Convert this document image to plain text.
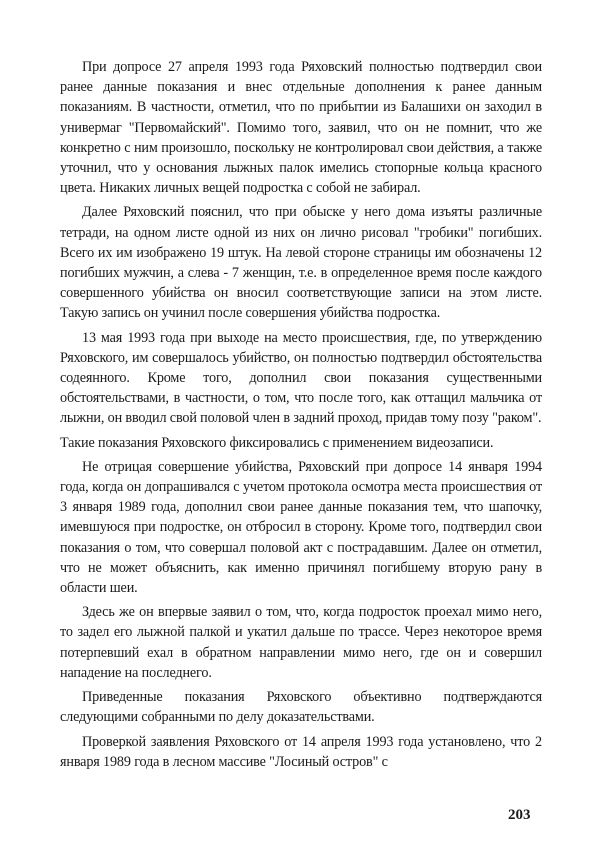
При допросе 27 апреля 1993 года Ряховский полностью подтвердил свои ранее данные показания и внес отдельные дополнения к ранее данным показаниям. В частности, отметил, что по прибытии из Балашихи он заходил в универмаг "Первомайский". Помимо того, заявил, что он не помнит, что же конкретно с ним произошло, поскольку не контролировал свои действия, а также уточнил, что у основания лыжных палок имелись стопорные кольца красного цвета. Никаких личных вещей подростка с собой не забирал.

Далее Ряховский пояснил, что при обыске у него дома изъяты различные тетради, на одном листе одной из них он лично рисовал "гробики" погибших. Всего их им изображено 19 штук. На левой стороне страницы им обозначены 12 погибших мужчин, а слева - 7 женщин, т.е. в определенное время после каждого совершенного убийства он вносил соответствующие записи на этом листе. Такую запись он учинил после совершения убийства подростка.

13 мая 1993 года при выходе на место происшествия, где, по утверждению Ряховского, им совершалось убийство, он полностью подтвердил обстоятельства содеянного. Кроме того, дополнил свои показания существенными обстоятельствами, в частности, о том, что после того, как оттащил мальчика от лыжни, он вводил свой половой член в задний проход, придав тому позу "раком".

Такие показания Ряховского фиксировались с применением видеозаписи.

Не отрицая совершение убийства, Ряховский при допросе 14 января 1994 года, когда он допрашивался с учетом протокола осмотра места происшествия от 3 января 1989 года, дополнил свои ранее данные показания тем, что шапочку, имевшуюся при подростке, он отбросил в сторону. Кроме того, подтвердил свои показания о том, что совершал половой акт с пострадавшим. Далее он отметил, что не может объяснить, как именно причинял погибшему вторую рану в области шеи.

Здесь же он впервые заявил о том, что, когда подросток проехал мимо него, то задел его лыжной палкой и укатил дальше по трассе. Через некоторое время потерпевший ехал в обратном направлении мимо него, где он и совершил нападение на последнего.

Приведенные показания Ряховского объективно подтверждаются следующими собранными по делу доказательствами.

Проверкой заявления Ряховского от 14 апреля 1993 года установлено, что 2 января 1989 года в лесном массиве "Лосиный остров" с

203
